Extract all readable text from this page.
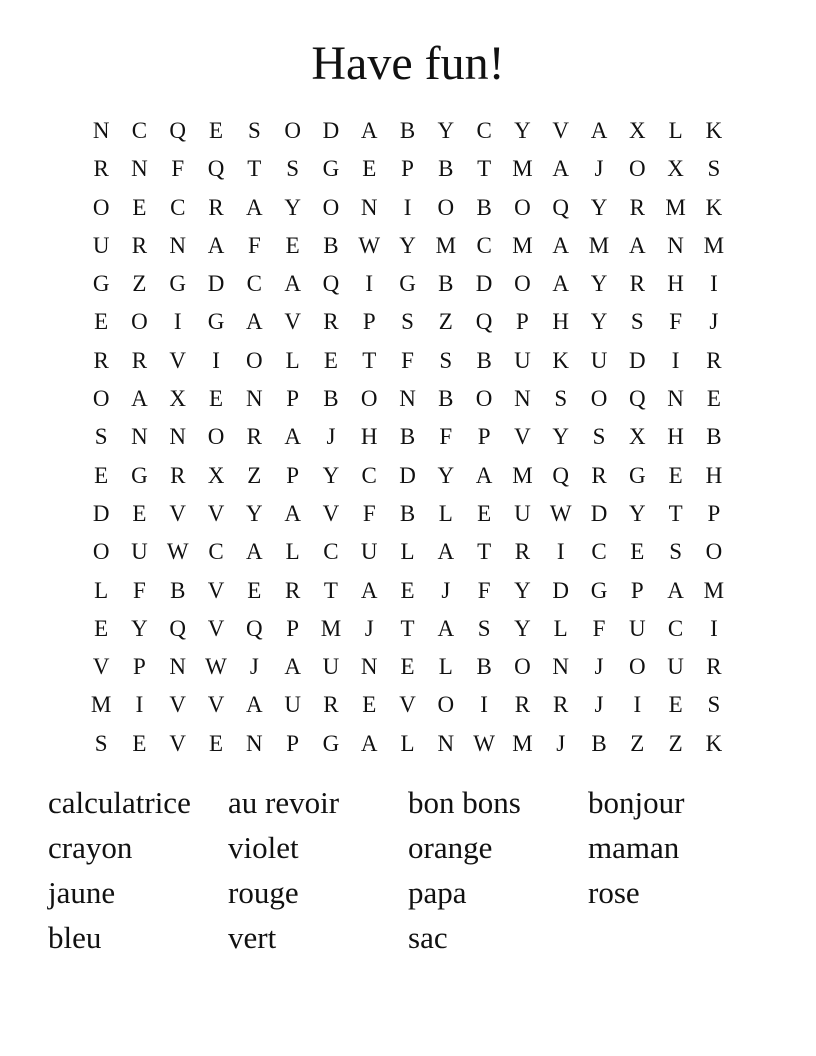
Have fun!
N C Q E	S	O D A B Y C Y V A X L K
R N	F	Q T	S	G E	P	B	T M A	J	O X	S
O E	C R A Y O N	I	O B O Q Y R M K
U R N A	F	E	B W Y M C M A M A N M
G Z G D C A Q	I	G B D O A Y R H	I
E O	I	G A V R	P	S	Z Q	P	H Y	S	F	J
R R V	I	O L	E	T	F	S	B U K U D	I	R
O A X E N	P	B O N B O N	S	O Q N E
S	N N O R A	J	H B	F	P	V Y	S	X H B
E G R X Z	P	Y C D Y A M Q R G E H
D E V V Y A V	F	B	L	E U W D Y T	P
O U W C A L	C U L A T	R	I	C	E	S	O
L	F	B V E	R	T A E	J	F	Y D G	P	A M
E Y Q V Q	P M	J	T A	S	Y L	F	U C	I
V	P	N W J	A U N E	L	B O N	J	O U R
M	I	V V A U R	E V O	I	R R	J	I	E	S
S	E V E N	P	G A L N W M	J	B	Z	Z K
calculatrice	au revoir	bon bons	bonjour
crayon	violet	orange	maman
jaune	rouge	papa	rose
bleu	vert	sac
